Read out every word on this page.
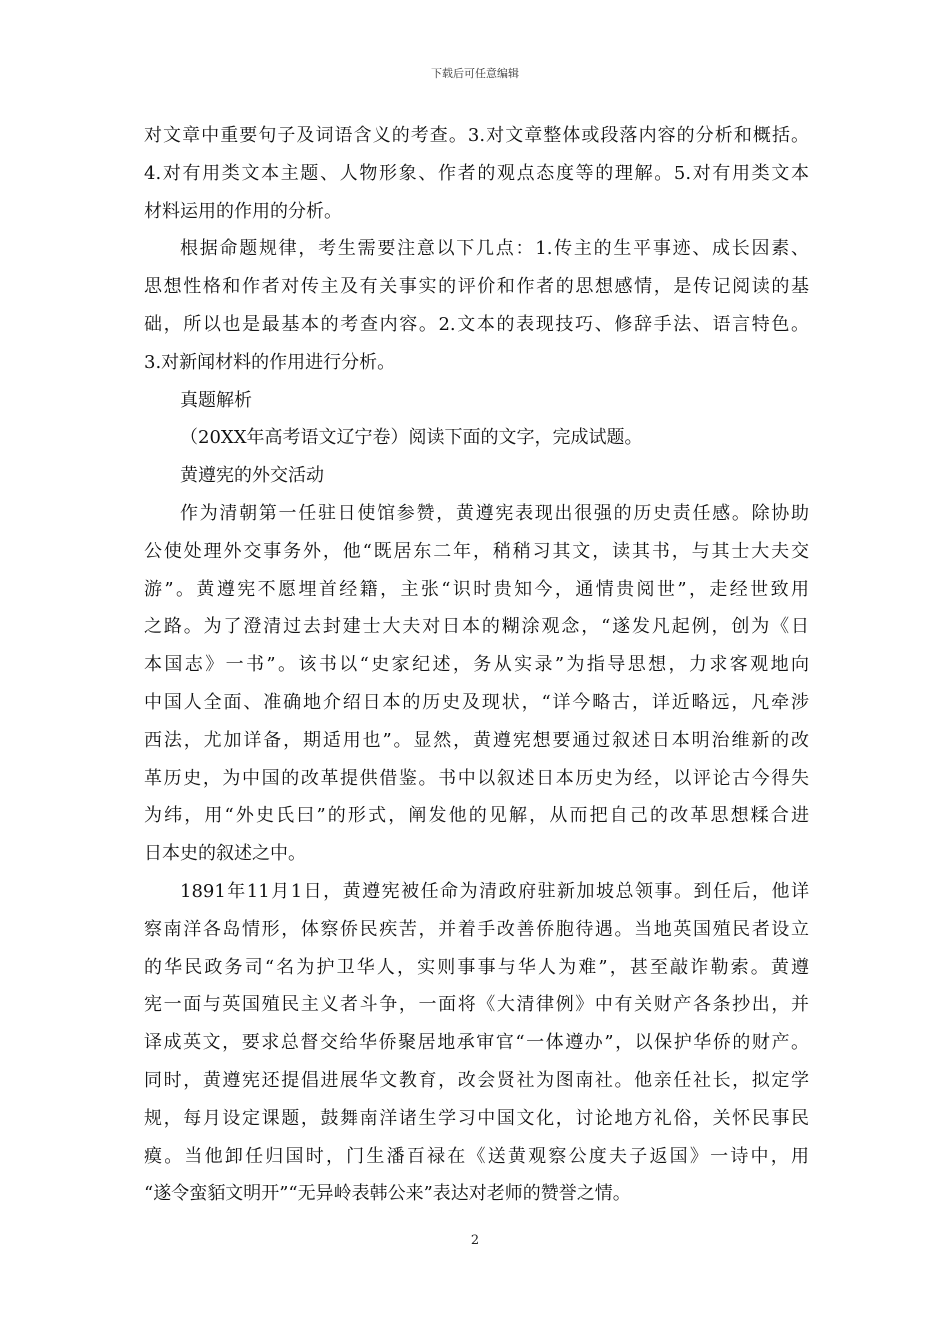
下载后可任意编辑
对文章中重要句子及词语含义的考查。3.对文章整体或段落内容的分析和概括。
4.对有用类文本主题、人物形象、作者的观点态度等的理解。5.对有用类文本
材料运用的作用的分析。
根据命题规律，考生需要注意以下几点：1.传主的生平事迹、成长因素、
思想性格和作者对传主及有关事实的评价和作者的思想感情，是传记阅读的基
础，所以也是最基本的考查内容。2.文本的表现技巧、修辞手法、语言特色。
3.对新闻材料的作用进行分析。
真题解析
（20XX年高考语文辽宁卷）阅读下面的文字，完成试题。
黄遵宪的外交活动
作为清朝第一任驻日使馆参赞，黄遵宪表现出很强的历史责任感。除协助
公使处理外交事务外，他“既居东二年，稍稍习其文，读其书，与其士大夫交
游”。黄遵宪不愿埋首经籍，主张“识时贵知今，通情贵阅世”，走经世致用
之路。为了澄清过去封建士大夫对日本的糊涂观念，“遂发凡起例，创为《日
本国志》一书”。该书以“史家纪述，务从实录”为指导思想，力求客观地向
中国人全面、准确地介绍日本的历史及现状，“详今略古，详近略远，凡牵涉
西法，尤加详备，期适用也”。显然，黄遵宪想要通过叙述日本明治维新的改
革历史，为中国的改革提供借鉴。书中以叙述日本历史为经，以评论古今得失
为纬，用“外史氏曰”的形式，阐发他的见解，从而把自己的改革思想糅合进
日本史的叙述之中。
1891年11月1日，黄遵宪被任命为清政府驻新加坡总领事。到任后，他详
察南洋各岛情形，体察侨民疾苦，并着手改善侨胞待遇。当地英国殖民者设立
的华民政务司“名为护卫华人，实则事事与华人为难”，甚至敲诈勒索。黄遵
宪一面与英国殖民主义者斗争，一面将《大清律例》中有关财产各条抄出，并
译成英文，要求总督交给华侨聚居地承审官“一体遵办”，以保护华侨的财产。
同时，黄遵宪还提倡进展华文教育，改会贤社为图南社。他亲任社长，拟定学
规，每月设定课题，鼓舞南洋诸生学习中国文化，讨论地方礼俗，关怀民事民
瘼。当他卸任归国时，门生潘百禄在《送黄观察公度夫子返国》一诗中，用
“遂令蛮貊文明开”“无异岭表韩公来”表达对老师的赞誉之情。
2
